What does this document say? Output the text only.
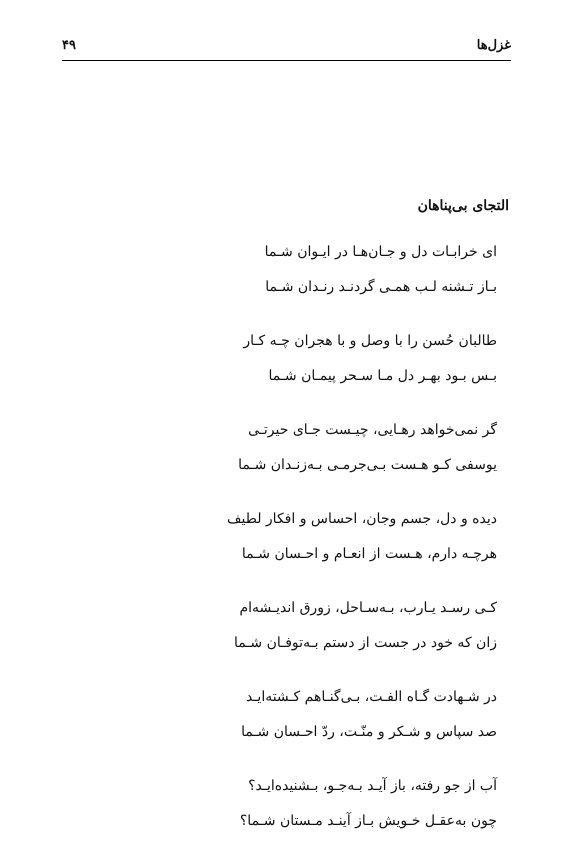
غزل‌ها
۴۹
التجای بی‌پناهان
ای خرابـات دل و جـان‌هـا در ایـوان شـما
بـاز تـشنه لـب همـی گردنـد رنـدان شـما
طالبان حُسن را با وصل و با هجران چـه کـار
بـس بـود بهـر دل مـا سـحر پيمـان شـما
گر نمی‌خواهد رهـايی، چيـست جـای حيرتـی
يوسفی کـو هـست بـی‌جرمـی بـه‌زنـدان شـما
ديده و دل، جسم وجان، احساس و افکار لطيف
هرچـه دارم، هـست از انعـام و احـسان شـما
کـی رسـد يـارب، بـه‌سـاحل، زورق انديـشه‌ام
زان که خود در جست از دستم بـه‌توفـان شـما
در شـهادت گـاه الفـت، بـی‌گنـاهم کـشته‌ايـد
صد سپاس و شـکر و منّـت، ردّ احـسان شـما
آب از جو رفته، باز آيـد بـه‌جـو، بـشنيده‌ايـد؟
چون به‌عقـل خـويش بـاز آينـد مـستان شـما؟
